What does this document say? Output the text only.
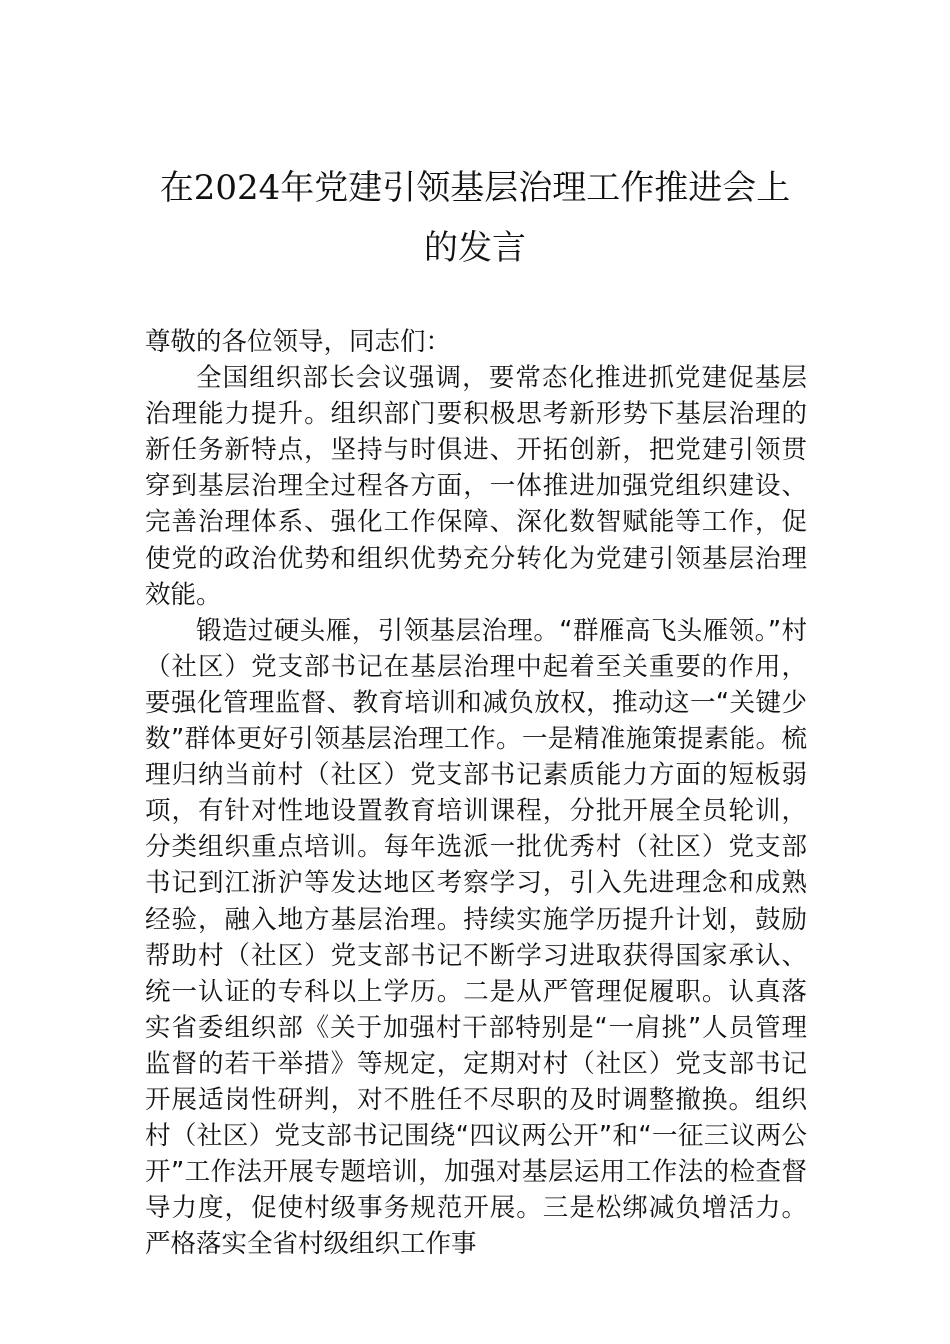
在2024年党建引领基层治理工作推进会上
的发言

尊敬的各位领导，同志们：

全国组织部长会议强调，要常态化推进抓党建促基层治理能力提升。组织部门要积极思考新形势下基层治理的新任务新特点，坚持与时俱进、开拓创新，把党建引领贯穿到基层治理全过程各方面，一体推进加强党组织建设、完善治理体系、强化工作保障、深化数智赋能等工作，促使党的政治优势和组织优势充分转化为党建引领基层治理效能。

锻造过硬头雁，引领基层治理。“群雁高飞头雁领。”村（社区）党支部书记在基层治理中起着至关重要的作用，要强化管理监督、教育培训和减负放权，推动这一“关键少数”群体更好引领基层治理工作。一是精准施策提素能。梳理归纳当前村（社区）党支部书记素质能力方面的短板弱项，有针对性地设置教育培训课程，分批开展全员轮训，分类组织重点培训。每年选派一批优秀村（社区）党支部书记到江浙沪等发达地区考察学习，引入先进理念和成熟经验，融入地方基层治理。持续实施学历提升计划，鼓励帮助村（社区）党支部书记不断学习进取获得国家承认、统一认证的专科以上学历。二是从严管理促履职。认真落实省委组织部《关于加强村干部特别是“一肩挑”人员管理监督的若干举措》等规定，定期对村（社区）党支部书记开展适岗性研判，对不胜任不尽职的及时调整撤换。组织村（社区）党支部书记围绕“四议两公开”和“一征三议两公开”工作法开展专题培训，加强对基层运用工作法的检查督导力度，促使村级事务规范开展。三是松绑减负增活力。严格落实全省村级组织工作事
